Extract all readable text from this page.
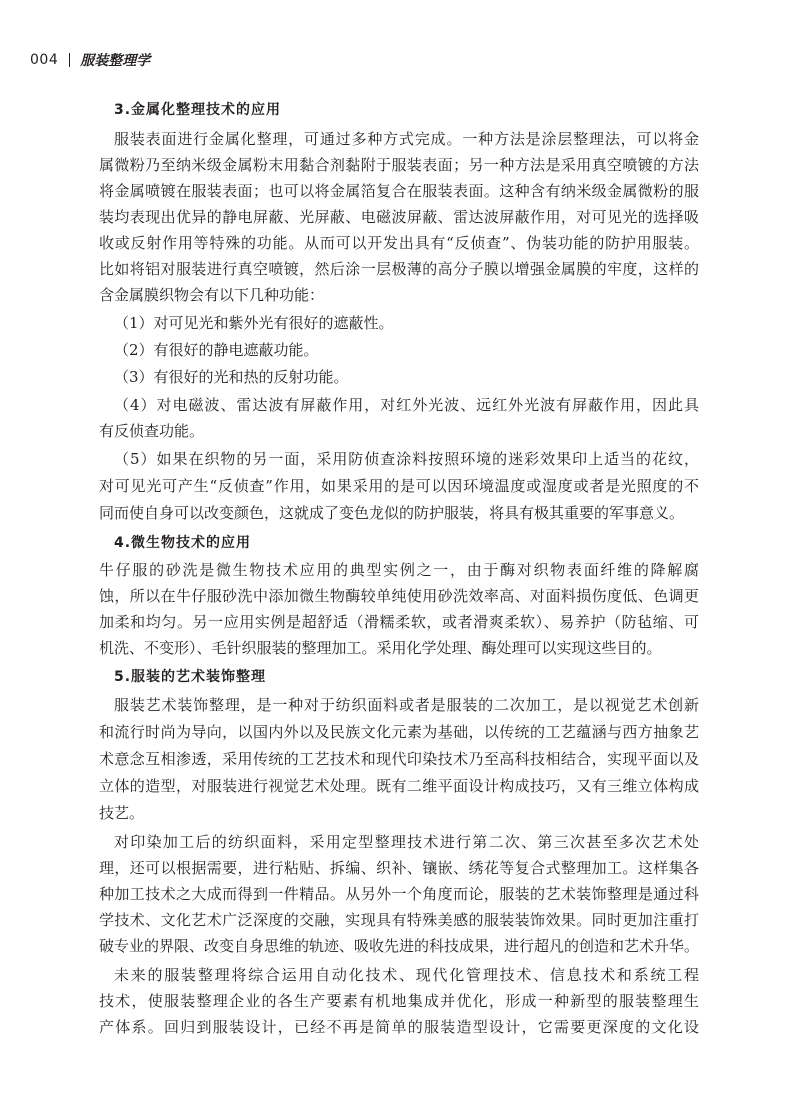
004 服装整理学
3.金属化整理技术的应用
服装表面进行金属化整理，可通过多种方式完成。一种方法是涂层整理法，可以将金
属微粉乃至纳米级金属粉末用黏合剂黏附于服装表面；另一种方法是采用真空喷镀的方法
将金属喷镀在服装表面；也可以将金属箔复合在服装表面。这种含有纳米级金属微粉的服
装均表现出优异的静电屏蔽、光屏蔽、电磁波屏蔽、雷达波屏蔽作用，对可见光的选择吸
收或反射作用等特殊的功能。从而可以开发出具有“反侦查”、伪装功能的防护用服装。
比如将铝对服装进行真空喷镀，然后涂一层极薄的高分子膜以增强金属膜的牢度，这样的
含金属膜织物会有以下几种功能：
（1）对可见光和紫外光有很好的遮蔽性。
（2）有很好的静电遮蔽功能。
（3）有很好的光和热的反射功能。
（4）对电磁波、雷达波有屏蔽作用，对红外光波、远红外光波有屏蔽作用，因此具
有反侦查功能。
（5）如果在织物的另一面，采用防侦查涂料按照环境的迷彩效果印上适当的花纹，
对可见光可产生“反侦查”作用，如果采用的是可以因环境温度或湿度或者是光照度的不
同而使自身可以改变颜色，这就成了变色龙似的防护服装，将具有极其重要的军事意义。
4.微生物技术的应用
牛仔服的砂洗是微生物技术应用的典型实例之一，由于酶对织物表面纤维的降解腐
蚀，所以在牛仔服砂洗中添加微生物酶较单纯使用砂洗效率高、对面料损伤度低、色调更
加柔和均匀。另一应用实例是超舒适（滑糯柔软，或者滑爽柔软）、易养护（防毡缩、可
机洗、不变形）、毛针织服装的整理加工。采用化学处理、酶处理可以实现这些目的。
5.服装的艺术装饰整理
服装艺术装饰整理，是一种对于纺织面料或者是服装的二次加工，是以视觉艺术创新
和流行时尚为导向，以国内外以及民族文化元素为基础，以传统的工艺蕴涵与西方抽象艺
术意念互相渗透，采用传统的工艺技术和现代印染技术乃至高科技相结合，实现平面以及
立体的造型，对服装进行视觉艺术处理。既有二维平面设计构成技巧，又有三维立体构成
技艺。
对印染加工后的纺织面料，采用定型整理技术进行第二次、第三次甚至多次艺术处
理，还可以根据需要，进行粘贴、拆编、织补、镶嵌、绣花等复合式整理加工。这样集各
种加工技术之大成而得到一件精品。从另外一个角度而论，服装的艺术装饰整理是通过科
学技术、文化艺术广泛深度的交融，实现具有特殊美感的服装装饰效果。同时更加注重打
破专业的界限、改变自身思维的轨迹、吸收先进的科技成果，进行超凡的创造和艺术升华。
未来的服装整理将综合运用自动化技术、现代化管理技术、信息技术和系统工程
技术，使服装整理企业的各生产要素有机地集成并优化，形成一种新型的服装整理生
产体系。回归到服装设计，已经不再是简单的服装造型设计，它需要更深度的文化设
